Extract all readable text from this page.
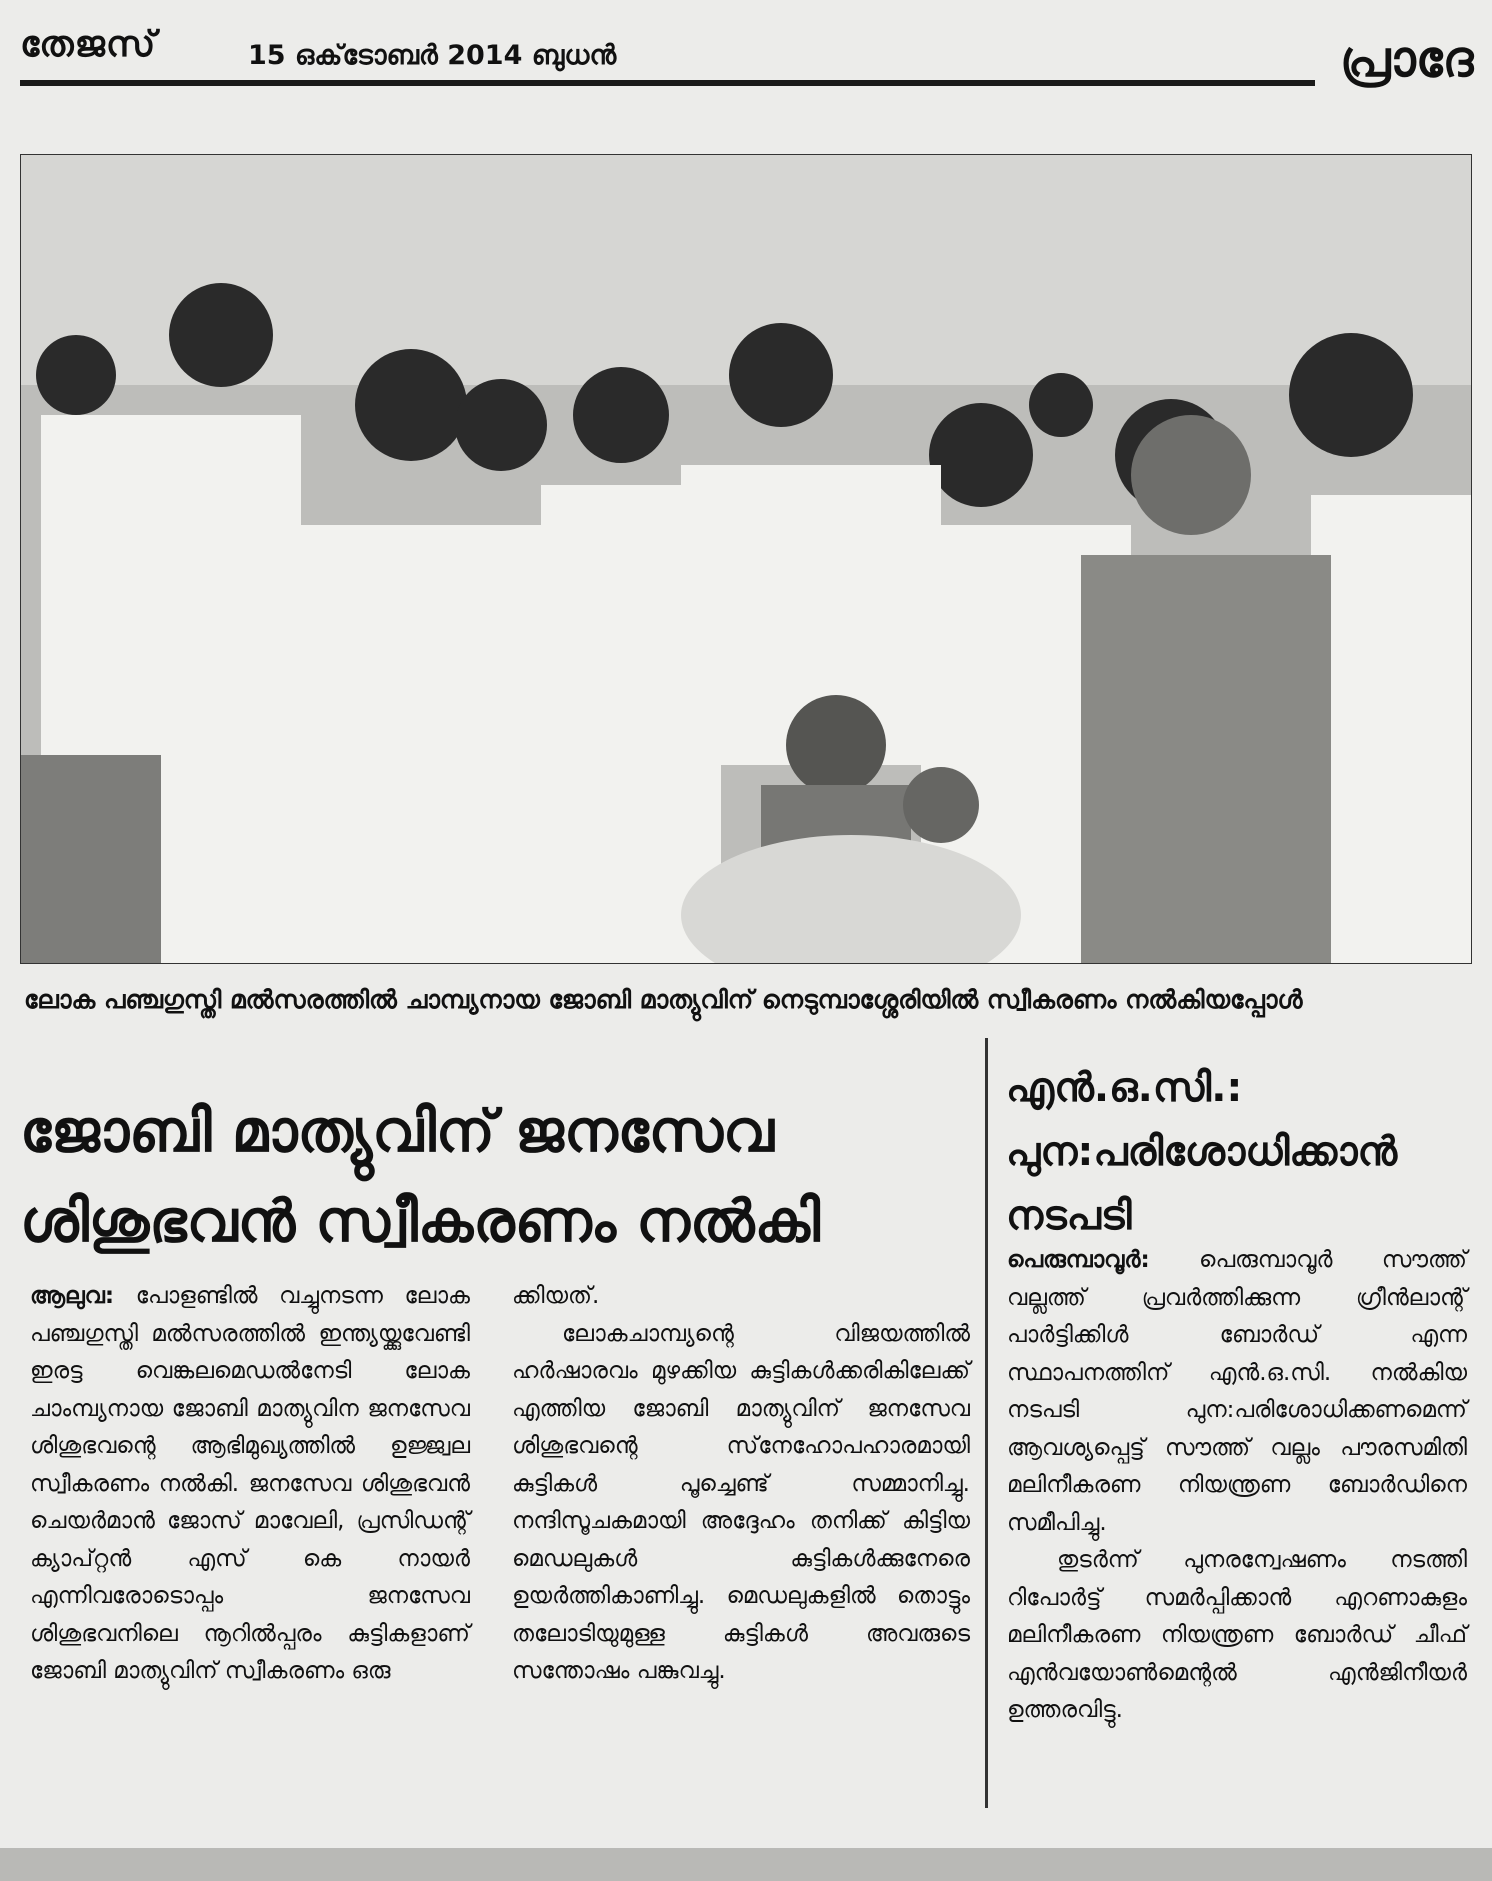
തേജസ്	15 ഒക്‌ടോബര്‍ 2014 ബുധന്‍	പ്രാദേ
ലോക പഞ്ചഗുസ്തി മല്‍സരത്തില്‍ ചാമ്പ്യനായ ജോബി മാത്യുവിന് നെടുമ്പാശ്ശേരിയില്‍ സ്വീകരണം നല്‍കിയപ്പോള്‍
ജോബി മാത്യുവിന് ജനസേവ ശിശുഭവന്‍ സ്വീകരണം നല്‍കി

ആലുവ: പോളണ്ടില്‍ വച്ചുനടന്ന ലോക പഞ്ചഗുസ്തി മല്‍സരത്തില്‍ ഇന്ത്യയ്ക്കുവേണ്ടി ഇരട്ട വെങ്കലമെഡല്‍നേടി ലോക ചാംമ്പ്യനായ ജോബി മാത്യുവിന ജനസേവ ശിശുഭവന്റെ ആഭിമുഖ്യത്തില്‍ ഉജ്ജ്വല സ്വീകരണം നല്‍കി. ജനസേവ ശിശുഭവന്‍ ചെയര്‍മാന്‍ ജോസ് മാവേലി, പ്രസിഡന്റ് ക്യാപ്റ്റന്‍ എസ് കെ നായര്‍ എന്നിവരോടൊപ്പം ജനസേവ ശിശുഭവനിലെ നൂറില്‍പ്പരം കുട്ടികളാണ് ജോബി മാത്യുവിന് സ്വീകരണം ഒരു

ക്കിയത്.

ലോകചാമ്പ്യന്റെ വിജയത്തില്‍ ഹര്‍ഷാരവം മുഴക്കിയ കുട്ടികള്‍ക്കരികിലേക്ക് എത്തിയ ജോബി മാത്യുവിന് ജനസേവ ശിശുഭവന്റെ സ്‌നേഹോപഹാരമായി കുട്ടികള്‍ പൂച്ചെണ്ട് സമ്മാനിച്ചു. നന്ദിസൂചകമായി അദ്ദേഹം തനിക്ക് കിട്ടിയ മെഡലുകള്‍ കുട്ടികള്‍ക്കുനേരെ ഉയര്‍ത്തികാണിച്ചു. മെഡലുകളില്‍ തൊട്ടും തലോടിയുമുള്ള കുട്ടികള്‍ അവരുടെ സന്തോഷം പങ്കുവച്ചു.

എന്‍.ഒ.സി.: പുന:പരിശോധിക്കാന്‍ നടപടി

പെരുമ്പാവൂര്‍: പെരുമ്പാവൂര്‍ സൗത്ത് വല്ലത്ത് പ്രവര്‍ത്തിക്കുന്ന ഗ്രീന്‍ലാന്റ് പാര്‍ട്ടിക്കിള്‍ ബോര്‍ഡ് എന്ന സ്ഥാപനത്തിന് എന്‍.ഒ.സി. നല്‍കിയ നടപടി പുന:പരിശോധിക്കണമെന്ന് ആവശ്യപ്പെട്ട് സൗത്ത് വല്ലം പൗരസമിതി മലിനീകരണ നിയന്ത്രണ ബോര്‍ഡിനെ സമീപിച്ചു.

തുടര്‍ന്ന് പുനരന്വേഷണം നടത്തി റിപോര്‍ട്ട് സമര്‍പ്പിക്കാന്‍ എറണാകുളം മലിനീകരണ നിയന്ത്രണ ബോര്‍ഡ് ചീഫ് എന്‍വയോണ്‍മെന്റല്‍ എന്‍ജിനീയര്‍ ഉത്തരവിട്ടു.
